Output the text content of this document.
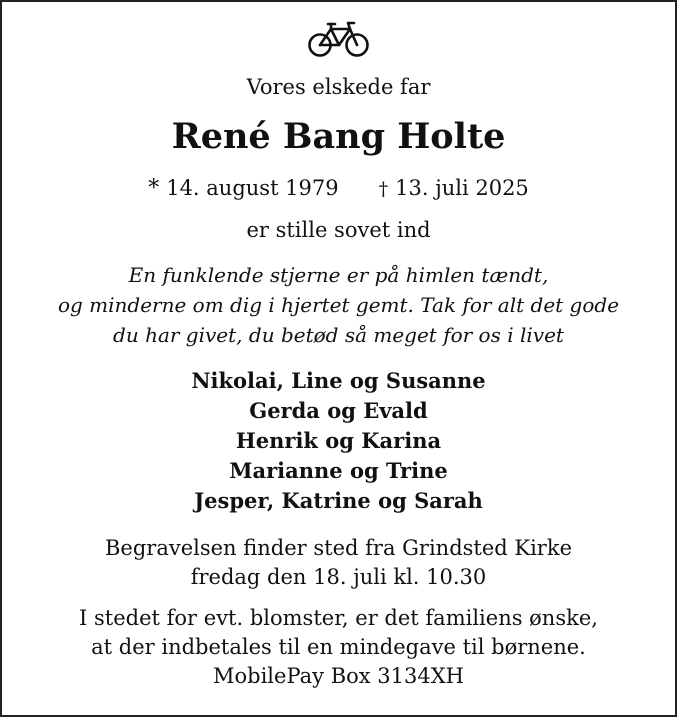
Vores elskede far
René Bang Holte
* 14. august 1979 † 13. juli 2025
er stille sovet ind
En funklende stjerne er på himlen tændt,
og minderne om dig i hjertet gemt. Tak for alt det gode
du har givet, du betød så meget for os i livet
Nikolai, Line og Susanne
Gerda og Evald
Henrik og Karina
Marianne og Trine
Jesper, Katrine og Sarah
Begravelsen finder sted fra Grindsted Kirke
fredag den 18. juli kl. 10.30
I stedet for evt. blomster, er det familiens ønske,
at der indbetales til en mindegave til børnene.
MobilePay Box 3134XH
